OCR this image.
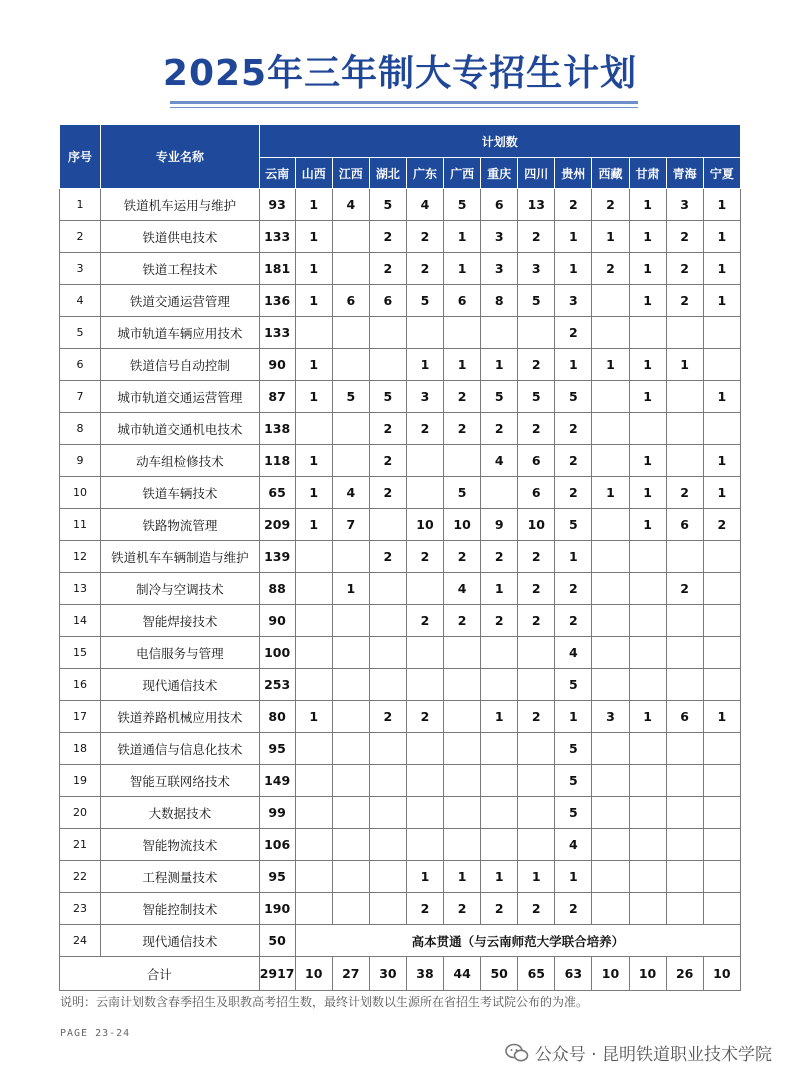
2025年三年制大专招生计划
序号	专业名称	计划数												
		云南	山西	江西	湖北	广东	广西	重庆	四川	贵州	西藏	甘肃	青海	宁夏
1	铁道机车运用与维护	93	1	4	5	4	5	6	13	2	2	1	3	1
2	铁道供电技术	133	1		2	2	1	3	2	1	1	1	2	1
3	铁道工程技术	181	1		2	2	1	3	3	1	2	1	2	1
4	铁道交通运营管理	136	1	6	6	5	6	8	5	3		1	2	1
5	城市轨道车辆应用技术	133								2				
6	铁道信号自动控制	90	1			1	1	1	2	1	1	1	1	
7	城市轨道交通运营管理	87	1	5	5	3	2	5	5	5		1		1
8	城市轨道交通机电技术	138			2	2	2	2	2	2				
9	动车组检修技术	118	1		2			4	6	2		1		1
10	铁道车辆技术	65	1	4	2		5		6	2	1	1	2	1
11	铁路物流管理	209	1	7		10	10	9	10	5		1	6	2
12	铁道机车车辆制造与维护	139			2	2	2	2	2	1				
13	制冷与空调技术	88		1			4	1	2	2			2	
14	智能焊接技术	90				2	2	2	2	2				
15	电信服务与管理	100								4				
16	现代通信技术	253								5				
17	铁道养路机械应用技术	80	1		2	2		1	2	1	3	1	6	1
18	铁道通信与信息化技术	95								5				
19	智能互联网络技术	149								5				
20	大数据技术	99								5				
21	智能物流技术	106								4				
22	工程测量技术	95				1	1	1	1	1				
23	智能控制技术	190				2	2	2	2	2				
24	现代通信技术	50	高本贯通（与云南师范大学联合培养）											
合计		2917	10	27	30	38	44	50	65	63	10	10	26	10
说明：云南计划数含春季招生及职教高考招生数，最终计划数以生源所在省招生考试院公布的为准。
PAGE 23-24
公众号 · 昆明铁道职业技术学院
